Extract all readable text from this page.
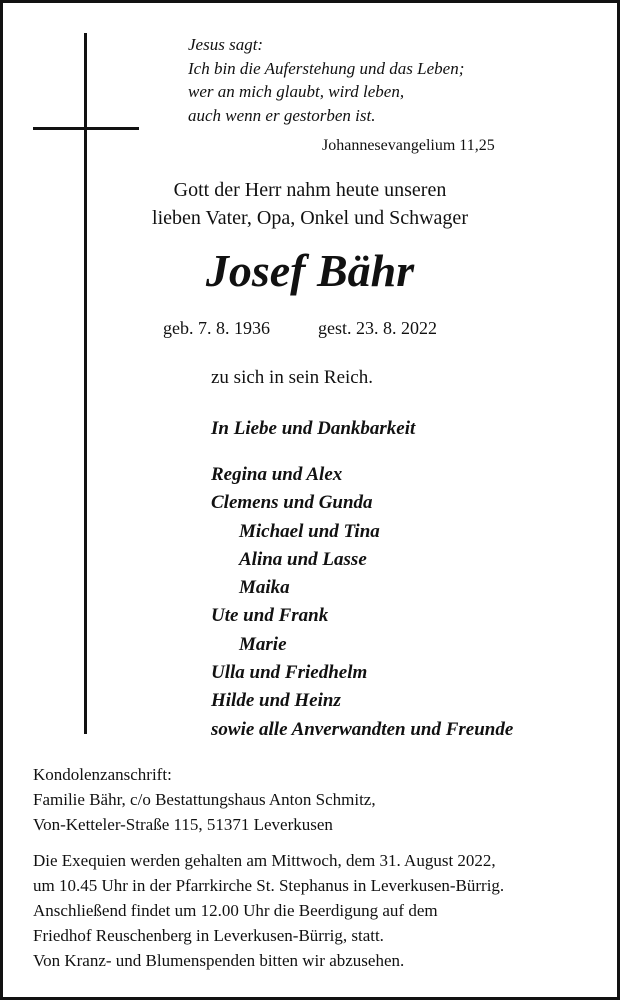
Jesus sagt:
Ich bin die Auferstehung und das Leben;
wer an mich glaubt, wird leben,
auch wenn er gestorben ist.
Johannesevangelium 11,25
Gott der Herr nahm heute unseren
lieben Vater, Opa, Onkel und Schwager
Josef Bähr
geb. 7. 8. 1936	gest. 23. 8. 2022
zu sich in sein Reich.
In Liebe und Dankbarkeit
Regina und Alex
Clemens und Gunda
Michael und Tina
Alina und Lasse
Maika
Ute und Frank
Marie
Ulla und Friedhelm
Hilde und Heinz
sowie alle Anverwandten und Freunde
Kondolenzanschrift:
Familie Bähr, c/o Bestattungshaus Anton Schmitz,
Von-Ketteler-Straße 115, 51371 Leverkusen
Die Exequien werden gehalten am Mittwoch, dem 31. August 2022,
um 10.45 Uhr in der Pfarrkirche St. Stephanus in Leverkusen-Bürrig.
Anschließend findet um 12.00 Uhr die Beerdigung auf dem
Friedhof Reuschenberg in Leverkusen-Bürrig, statt.
Von Kranz- und Blumenspenden bitten wir abzusehen.
